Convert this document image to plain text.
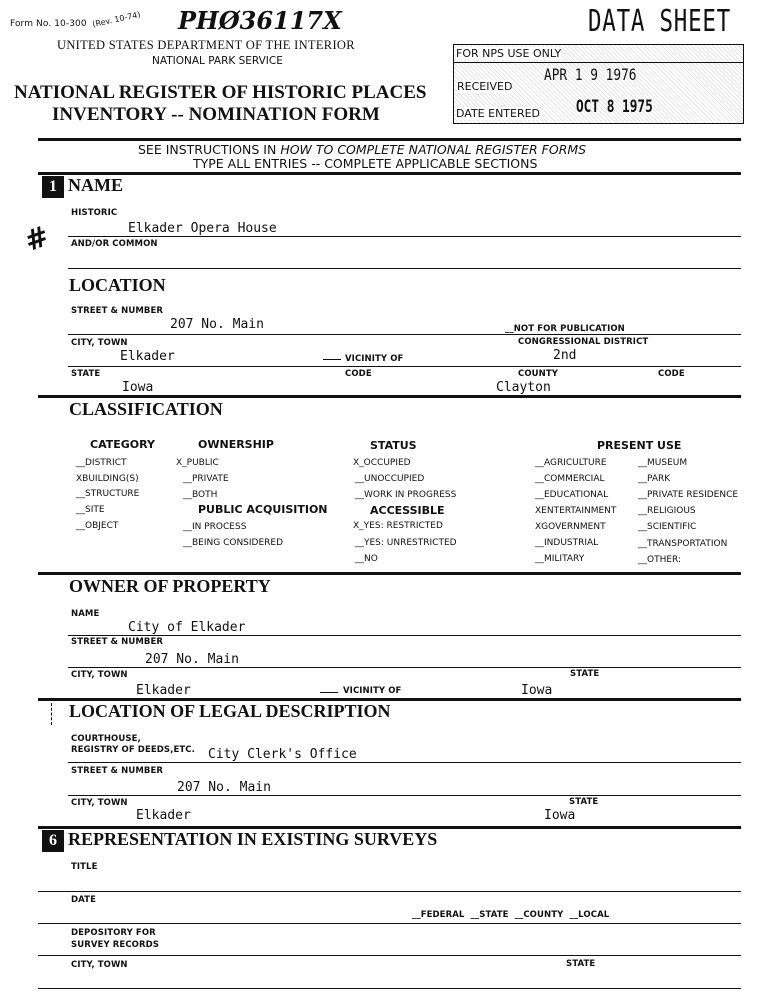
Form No. 10-300 (Rev. 10-74) PHØ36117X	DATA SHEET
UNITED STATES DEPARTMENT OF THE INTERIOR
NATIONAL PARK SERVICE
NATIONAL REGISTER OF HISTORIC PLACES
INVENTORY -- NOMINATION FORM
FOR NPS USE ONLY
RECEIVED
APR 1 9 1976
DATE ENTERED OCT 8 1975
SEE INSTRUCTIONS IN HOW TO COMPLETE NATIONAL REGISTER FORMS
TYPE ALL ENTRIES -- COMPLETE APPLICABLE SECTIONS
1 NAME
HISTORIC
Elkader Opera House
AND/OR COMMON
#
LOCATION
STREET & NUMBER
207 No. Main	__NOT FOR PUBLICATION
CITY, TOWN	CONGRESSIONAL DISTRICT
Elkader	VICINITY OF	2nd
STATE	CODE	COUNTY	CODE
Iowa	Clayton
CLASSIFICATION
CATEGORY
__DISTRICT
XBUILDING(S)
__STRUCTURE
__SITE
__OBJECT
OWNERSHIP
X_PUBLIC
__PRIVATE
__BOTH
PUBLIC ACQUISITION
__IN PROCESS
__BEING CONSIDERED
STATUS
X_OCCUPIED
__UNOCCUPIED
__WORK IN PROGRESS
ACCESSIBLE
X_YES: RESTRICTED
__YES: UNRESTRICTED
__NO
PRESENT USE
__AGRICULTURE
__COMMERCIAL
__EDUCATIONAL
XENTERTAINMENT
XGOVERNMENT
__INDUSTRIAL
__MILITARY
__MUSEUM
__PARK
__PRIVATE RESIDENCE
__RELIGIOUS
__SCIENTIFIC
__TRANSPORTATION
__OTHER:
OWNER OF PROPERTY
NAME
City of Elkader
STREET & NUMBER
207 No. Main
CITY, TOWN	STATE
Elkader	VICINITY OF	Iowa
LOCATION OF LEGAL DESCRIPTION
COURTHOUSE,
REGISTRY OF DEEDS,ETC. City Clerk's Office
STREET & NUMBER
207 No. Main
CITY, TOWN	STATE
Elkader	Iowa
6 REPRESENTATION IN EXISTING SURVEYS
TITLE
DATE
__FEDERAL  __STATE  __COUNTY  __LOCAL
DEPOSITORY FOR
SURVEY RECORDS
CITY, TOWN	STATE
